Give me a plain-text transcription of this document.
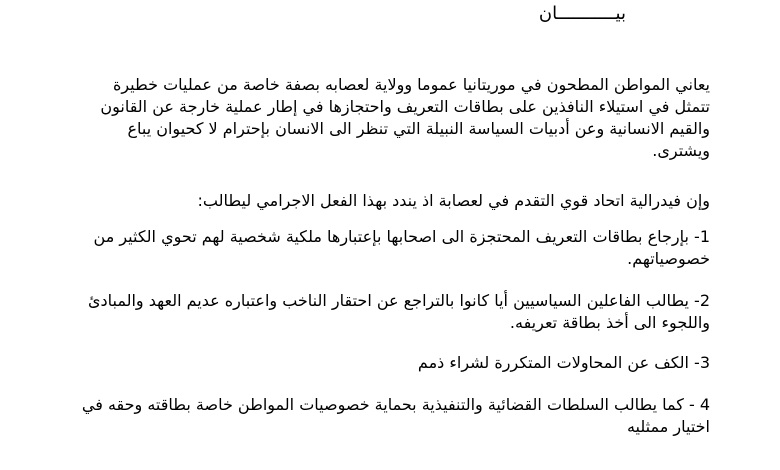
بيـــــــــــان

يعاني المواطن المطحون في موريتانيا عموما وولاية لعصابه بصفة خاصة من عمليات خطيرة تتمثل في استيلاء النافذين على بطاقات التعريف واحتجازها في إطار عملية خارجة عن القانون والقيم الانسانية وعن أدبيات السياسة النبيلة التي تنظر الى الانسان بإحترام لا كحيوان يباع ويشترى.

وإن فيدرالية اتحاد قوي التقدم في لعصابة اذ يندد بهذا الفعل الاجرامي ليطالب:

1- بإرجاع بطاقات التعريف المحتجزة الى اصحابها بإعتبارها ملكية شخصية لهم تحوي الكثير من خصوصياتهم.

2- يطالب الفاعلين السياسيين أيا كانوا بالتراجع عن احتقار الناخب واعتباره عديم العهد والمبادئ واللجوء الى أخذ بطاقة تعريفه.

3- الكف عن المحاولات المتكررة لشراء ذمم

4 - كما يطالب السلطات القضائية والتنفيذية بحماية خصوصيات المواطن خاصة بطاقته وحقه في اختيار ممثليه
